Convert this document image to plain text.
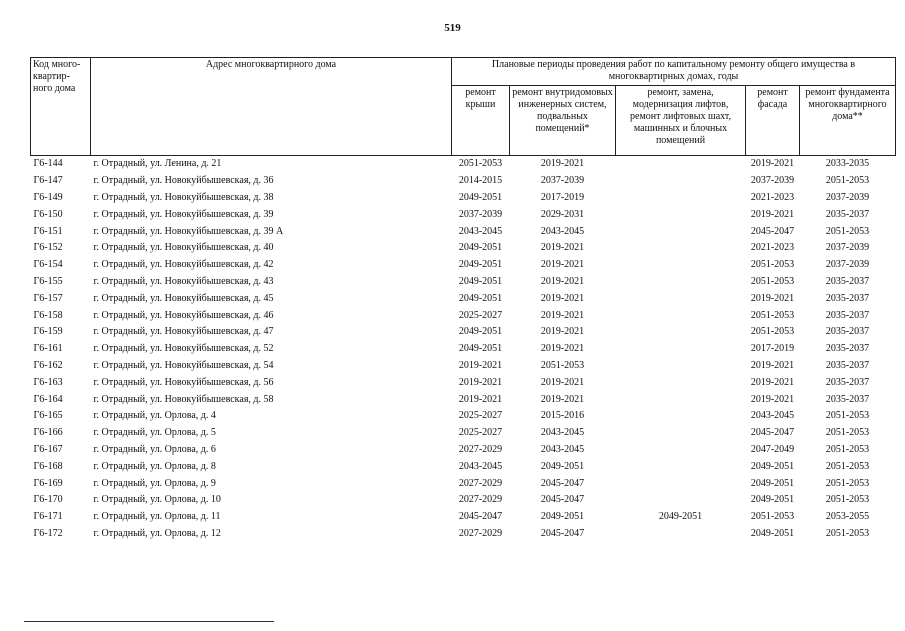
519
Код много-квартир-ного дома	Адрес многоквартирного дома	Плановые периоды проведения работ по капитальному ремонту общего имущества в многоквартирных домах, годы				
		ремонт крыши	ремонт внутридомовых инженерных систем, подвальных помещений*	ремонт, замена, модернизация лифтов, ремонт лифтовых шахт, машинных и блочных помещений	ремонт фасада	ремонт фундамента многоквартирного дома**
Г6-144	г. Отрадный, ул. Ленина, д. 21	2051-2053	2019-2021		2019-2021	2033-2035
Г6-147	г. Отрадный, ул. Новокуйбышевская, д. 36	2014-2015	2037-2039		2037-2039	2051-2053
Г6-149	г. Отрадный, ул. Новокуйбышевская, д. 38	2049-2051	2017-2019		2021-2023	2037-2039
Г6-150	г. Отрадный, ул. Новокуйбышевская, д. 39	2037-2039	2029-2031		2019-2021	2035-2037
Г6-151	г. Отрадный, ул. Новокуйбышевская, д. 39 А	2043-2045	2043-2045		2045-2047	2051-2053
Г6-152	г. Отрадный, ул. Новокуйбышевская, д. 40	2049-2051	2019-2021		2021-2023	2037-2039
Г6-154	г. Отрадный, ул. Новокуйбышевская, д. 42	2049-2051	2019-2021		2051-2053	2037-2039
Г6-155	г. Отрадный, ул. Новокуйбышевская, д. 43	2049-2051	2019-2021		2051-2053	2035-2037
Г6-157	г. Отрадный, ул. Новокуйбышевская, д. 45	2049-2051	2019-2021		2019-2021	2035-2037
Г6-158	г. Отрадный, ул. Новокуйбышевская, д. 46	2025-2027	2019-2021		2051-2053	2035-2037
Г6-159	г. Отрадный, ул. Новокуйбышевская, д. 47	2049-2051	2019-2021		2051-2053	2035-2037
Г6-161	г. Отрадный, ул. Новокуйбышевская, д. 52	2049-2051	2019-2021		2017-2019	2035-2037
Г6-162	г. Отрадный, ул. Новокуйбышевская, д. 54	2019-2021	2051-2053		2019-2021	2035-2037
Г6-163	г. Отрадный, ул. Новокуйбышевская, д. 56	2019-2021	2019-2021		2019-2021	2035-2037
Г6-164	г. Отрадный, ул. Новокуйбышевская, д. 58	2019-2021	2019-2021		2019-2021	2035-2037
Г6-165	г. Отрадный, ул. Орлова, д. 4	2025-2027	2015-2016		2043-2045	2051-2053
Г6-166	г. Отрадный, ул. Орлова, д. 5	2025-2027	2043-2045		2045-2047	2051-2053
Г6-167	г. Отрадный, ул. Орлова, д. 6	2027-2029	2043-2045		2047-2049	2051-2053
Г6-168	г. Отрадный, ул. Орлова, д. 8	2043-2045	2049-2051		2049-2051	2051-2053
Г6-169	г. Отрадный, ул. Орлова, д. 9	2027-2029	2045-2047		2049-2051	2051-2053
Г6-170	г. Отрадный, ул. Орлова, д. 10	2027-2029	2045-2047		2049-2051	2051-2053
Г6-171	г. Отрадный, ул. Орлова, д. 11	2045-2047	2049-2051	2049-2051	2051-2053	2053-2055
Г6-172	г. Отрадный, ул. Орлова, д. 12	2027-2029	2045-2047		2049-2051	2051-2053
